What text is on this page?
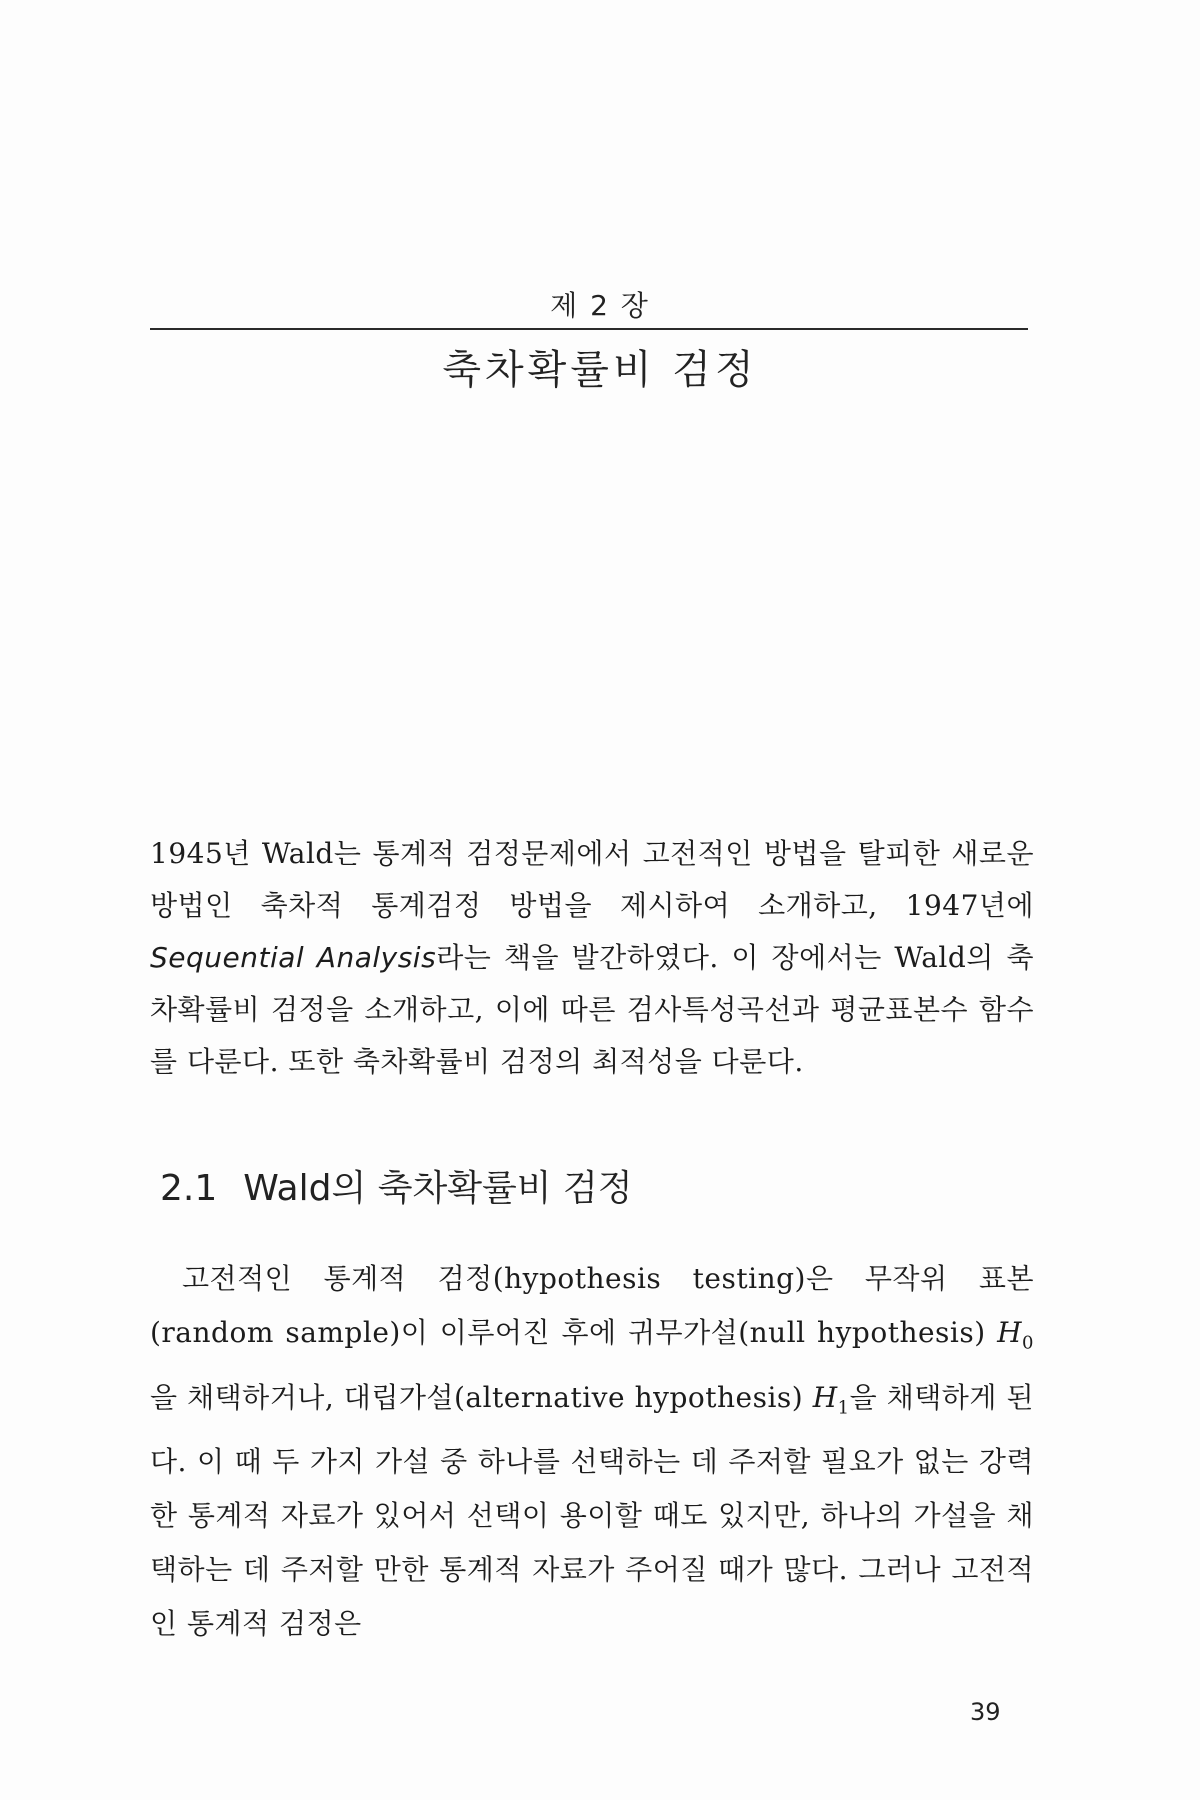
제 2 장
축차확률비 검정

1945년 Wald는 통계적 검정문제에서 고전적인 방법을 탈피한 새로운 방법인 축차적 통계검정 방법을 제시하여 소개하고, 1947년에 Sequential Analysis라는 책을 발간하였다. 이 장에서는 Wald의 축차확률비 검정을 소개하고, 이에 따른 검사특성곡선과 평균표본수 함수를 다룬다. 또한 축차확률비 검정의 최적성을 다룬다.

2.1 Wald의 축차확률비 검정

고전적인 통계적 검정(hypothesis testing)은 무작위 표본(random sample)이 이루어진 후에 귀무가설(null hypothesis) $H_0$을 채택하거나, 대립가설(alternative hypothesis) $H_1$을 채택하게 된다. 이 때 두 가지 가설 중 하나를 선택하는 데 주저할 필요가 없는 강력한 통계적 자료가 있어서 선택이 용이할 때도 있지만, 하나의 가설을 채택하는 데 주저할 만한 통계적 자료가 주어질 때가 많다. 그러나 고전적인 통계적 검정은

39
